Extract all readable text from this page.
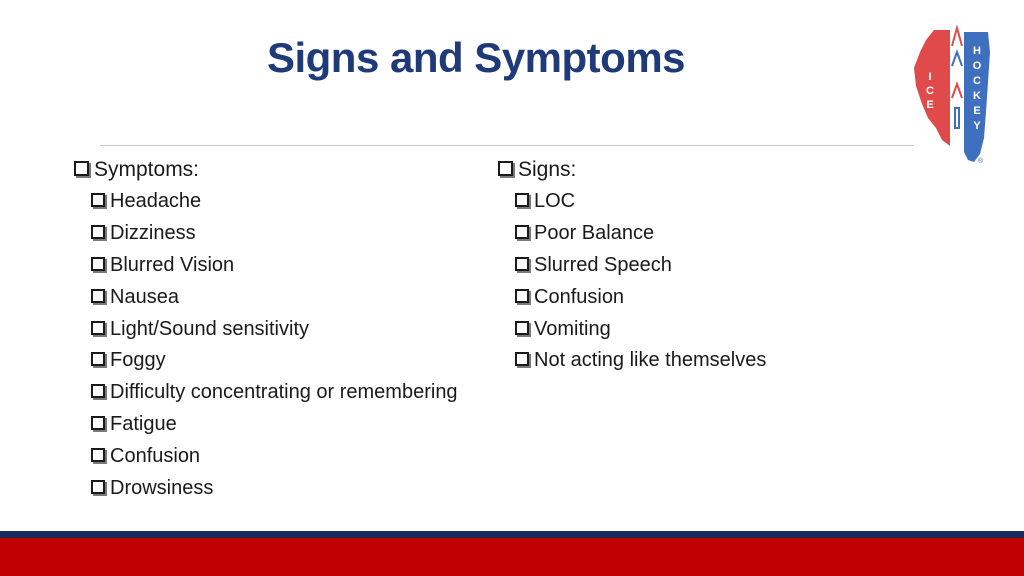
Signs and Symptoms	I
C
E
H
O
C
K
E
Y
®
Symptoms:
Headache
Dizziness
Blurred Vision
Nausea
Light/Sound sensitivity
Foggy
Difficulty concentrating or remembering
Fatigue
Confusion
Drowsiness
Signs:
LOC
Poor Balance
Slurred Speech
Confusion
Vomiting
Not acting like themselves
